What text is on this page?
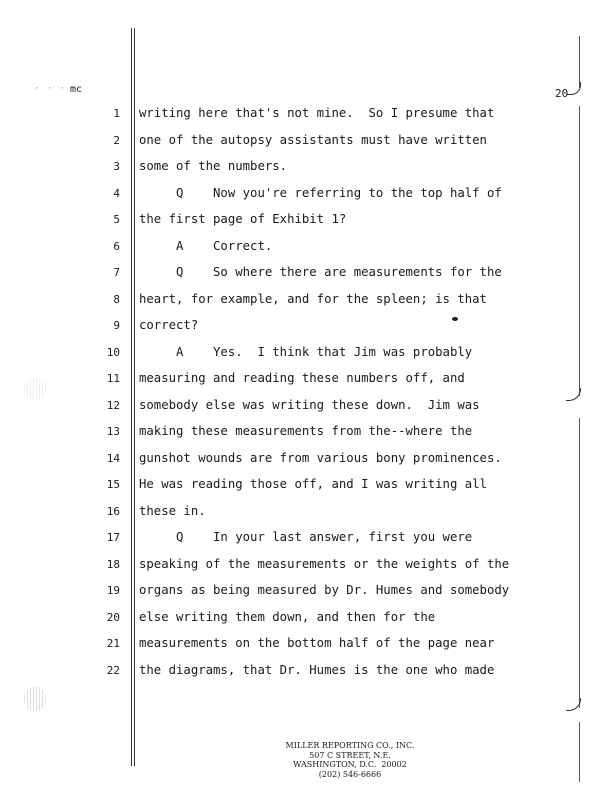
· · · mc	20
1 writing here that's not mine.  So I presume that
2 one of the autopsy assistants must have written
3 some of the numbers.
4 Q    Now you're referring to the top half of
5 the first page of Exhibit 1?
6 A    Correct.
7 Q    So where there are measurements for the
8 heart, for example, and for the spleen; is that
9 correct?
10 A    Yes.  I think that Jim was probably
11 measuring and reading these numbers off, and
12 somebody else was writing these down.  Jim was
13 making these measurements from the--where the
14 gunshot wounds are from various bony prominences.
15 He was reading those off, and I was writing all
16 these in.
17 Q    In your last answer, first you were
18 speaking of the measurements or the weights of the
19 organs as being measured by Dr. Humes and somebody
20 else writing them down, and then for the
21 measurements on the bottom half of the page near
22 the diagrams, that Dr. Humes is the one who made
MILLER REPORTING CO., INC.
507 C STREET, N.E.
WASHINGTON, D.C.  20002
(202) 546-6666
